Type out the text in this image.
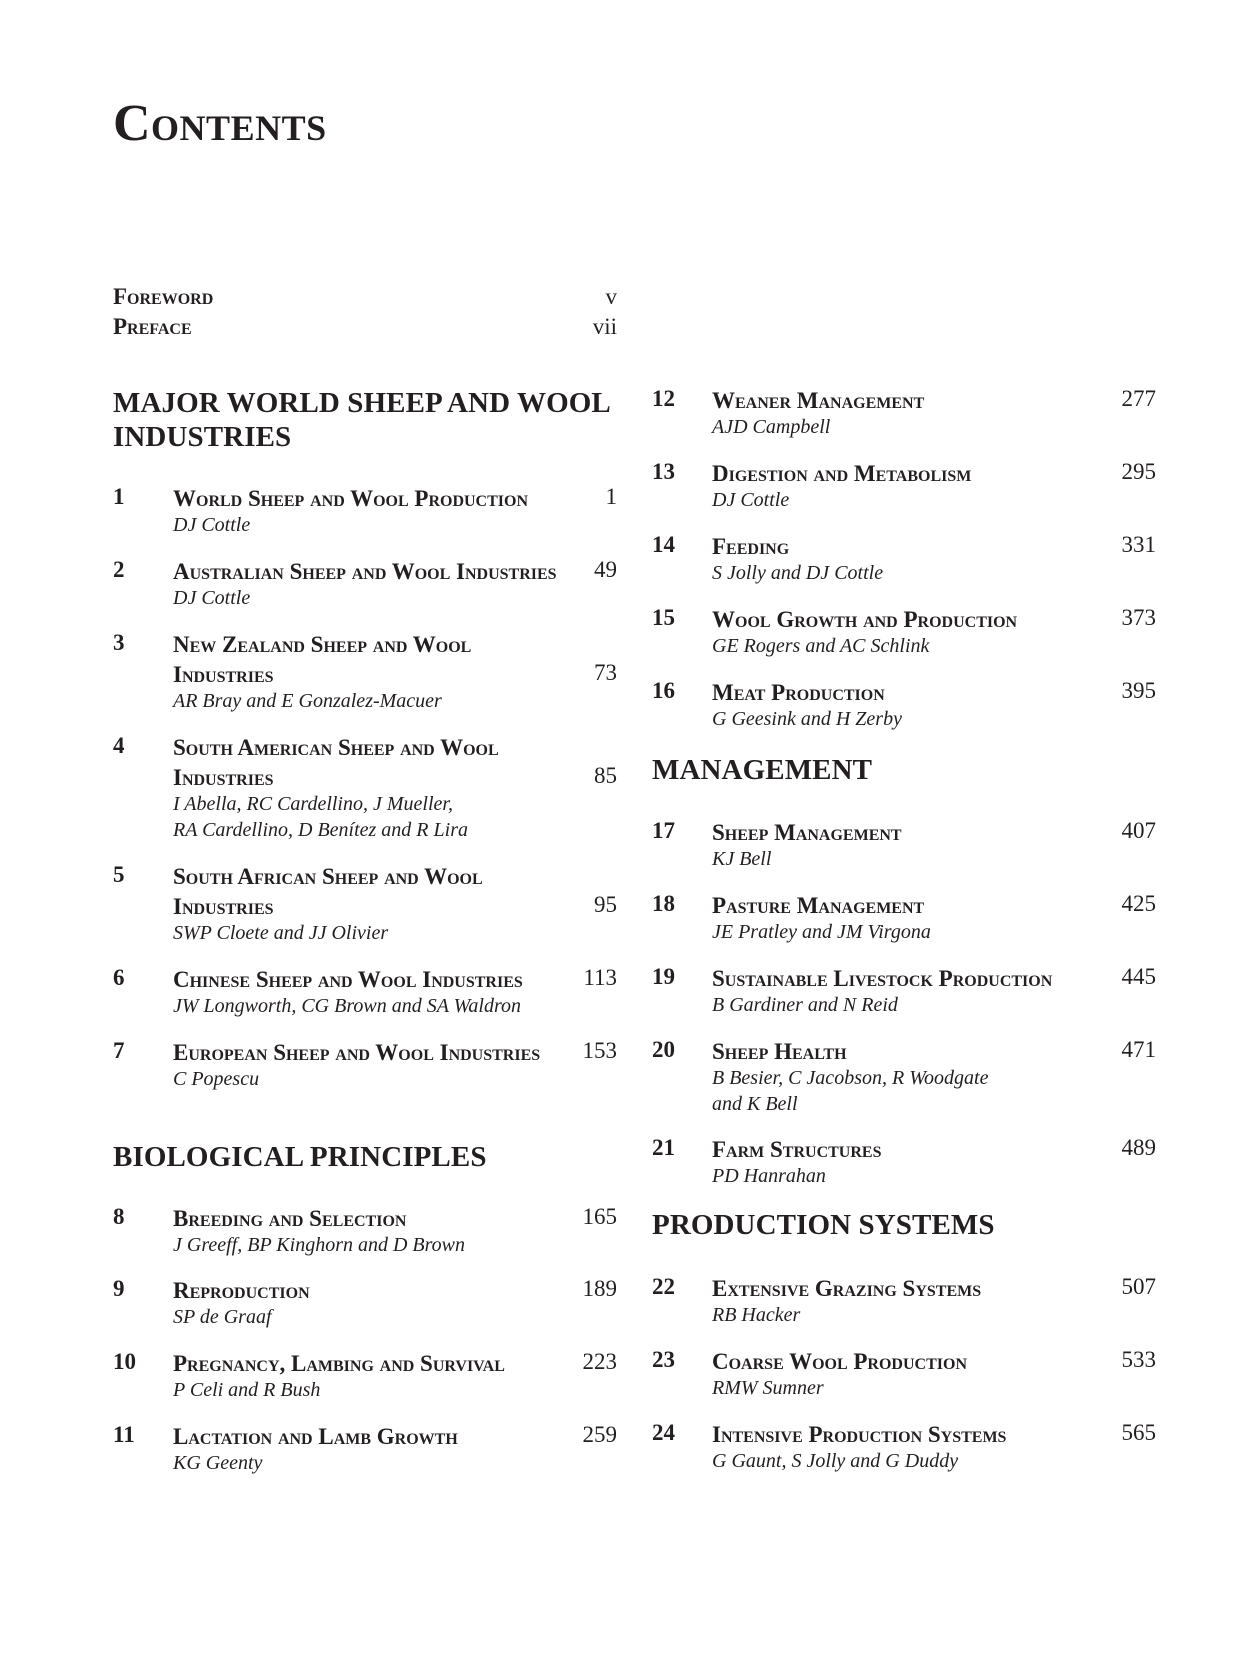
Contents
Foreword	v
Preface	vii
MAJOR WORLD SHEEP AND WOOL INDUSTRIES
1 World Sheep and Wool Production
DJ Cottle
1
2 Australian Sheep and Wool Industries
DJ Cottle
49
3 New Zealand Sheep and Wool Industries
AR Bray and E Gonzalez-Macuer
73
4 South American Sheep and Wool Industries
I Abella, RC Cardellino, J Mueller,
RA Cardellino, D Benítez and R Lira
85
5 South African Sheep and Wool Industries
SWP Cloete and JJ Olivier
95
6 Chinese Sheep and Wool Industries
JW Longworth, CG Brown and SA Waldron
113
7 European Sheep and Wool Industries
C Popescu
153
BIOLOGICAL PRINCIPLES
8 Breeding and Selection
J Greeff, BP Kinghorn and D Brown
165
9 Reproduction
SP de Graaf
189
10 Pregnancy, Lambing and Survival
P Celi and R Bush
223
11 Lactation and Lamb Growth
KG Geenty
259
12 Weaner Management
AJD Campbell
277
13 Digestion and Metabolism
DJ Cottle
295
14 Feeding
S Jolly and DJ Cottle
331
15 Wool Growth and Production
GE Rogers and AC Schlink
373
16 Meat Production
G Geesink and H Zerby
395
MANAGEMENT
17 Sheep Management
KJ Bell
407
18 Pasture Management
JE Pratley and JM Virgona
425
19 Sustainable Livestock Production
B Gardiner and N Reid
445
20 Sheep Health
B Besier, C Jacobson, R Woodgate
and K Bell
471
21 Farm Structures
PD Hanrahan
489
PRODUCTION SYSTEMS
22 Extensive Grazing Systems
RB Hacker
507
23 Coarse Wool Production
RMW Sumner
533
24 Intensive Production Systems
G Gaunt, S Jolly and G Duddy
565
